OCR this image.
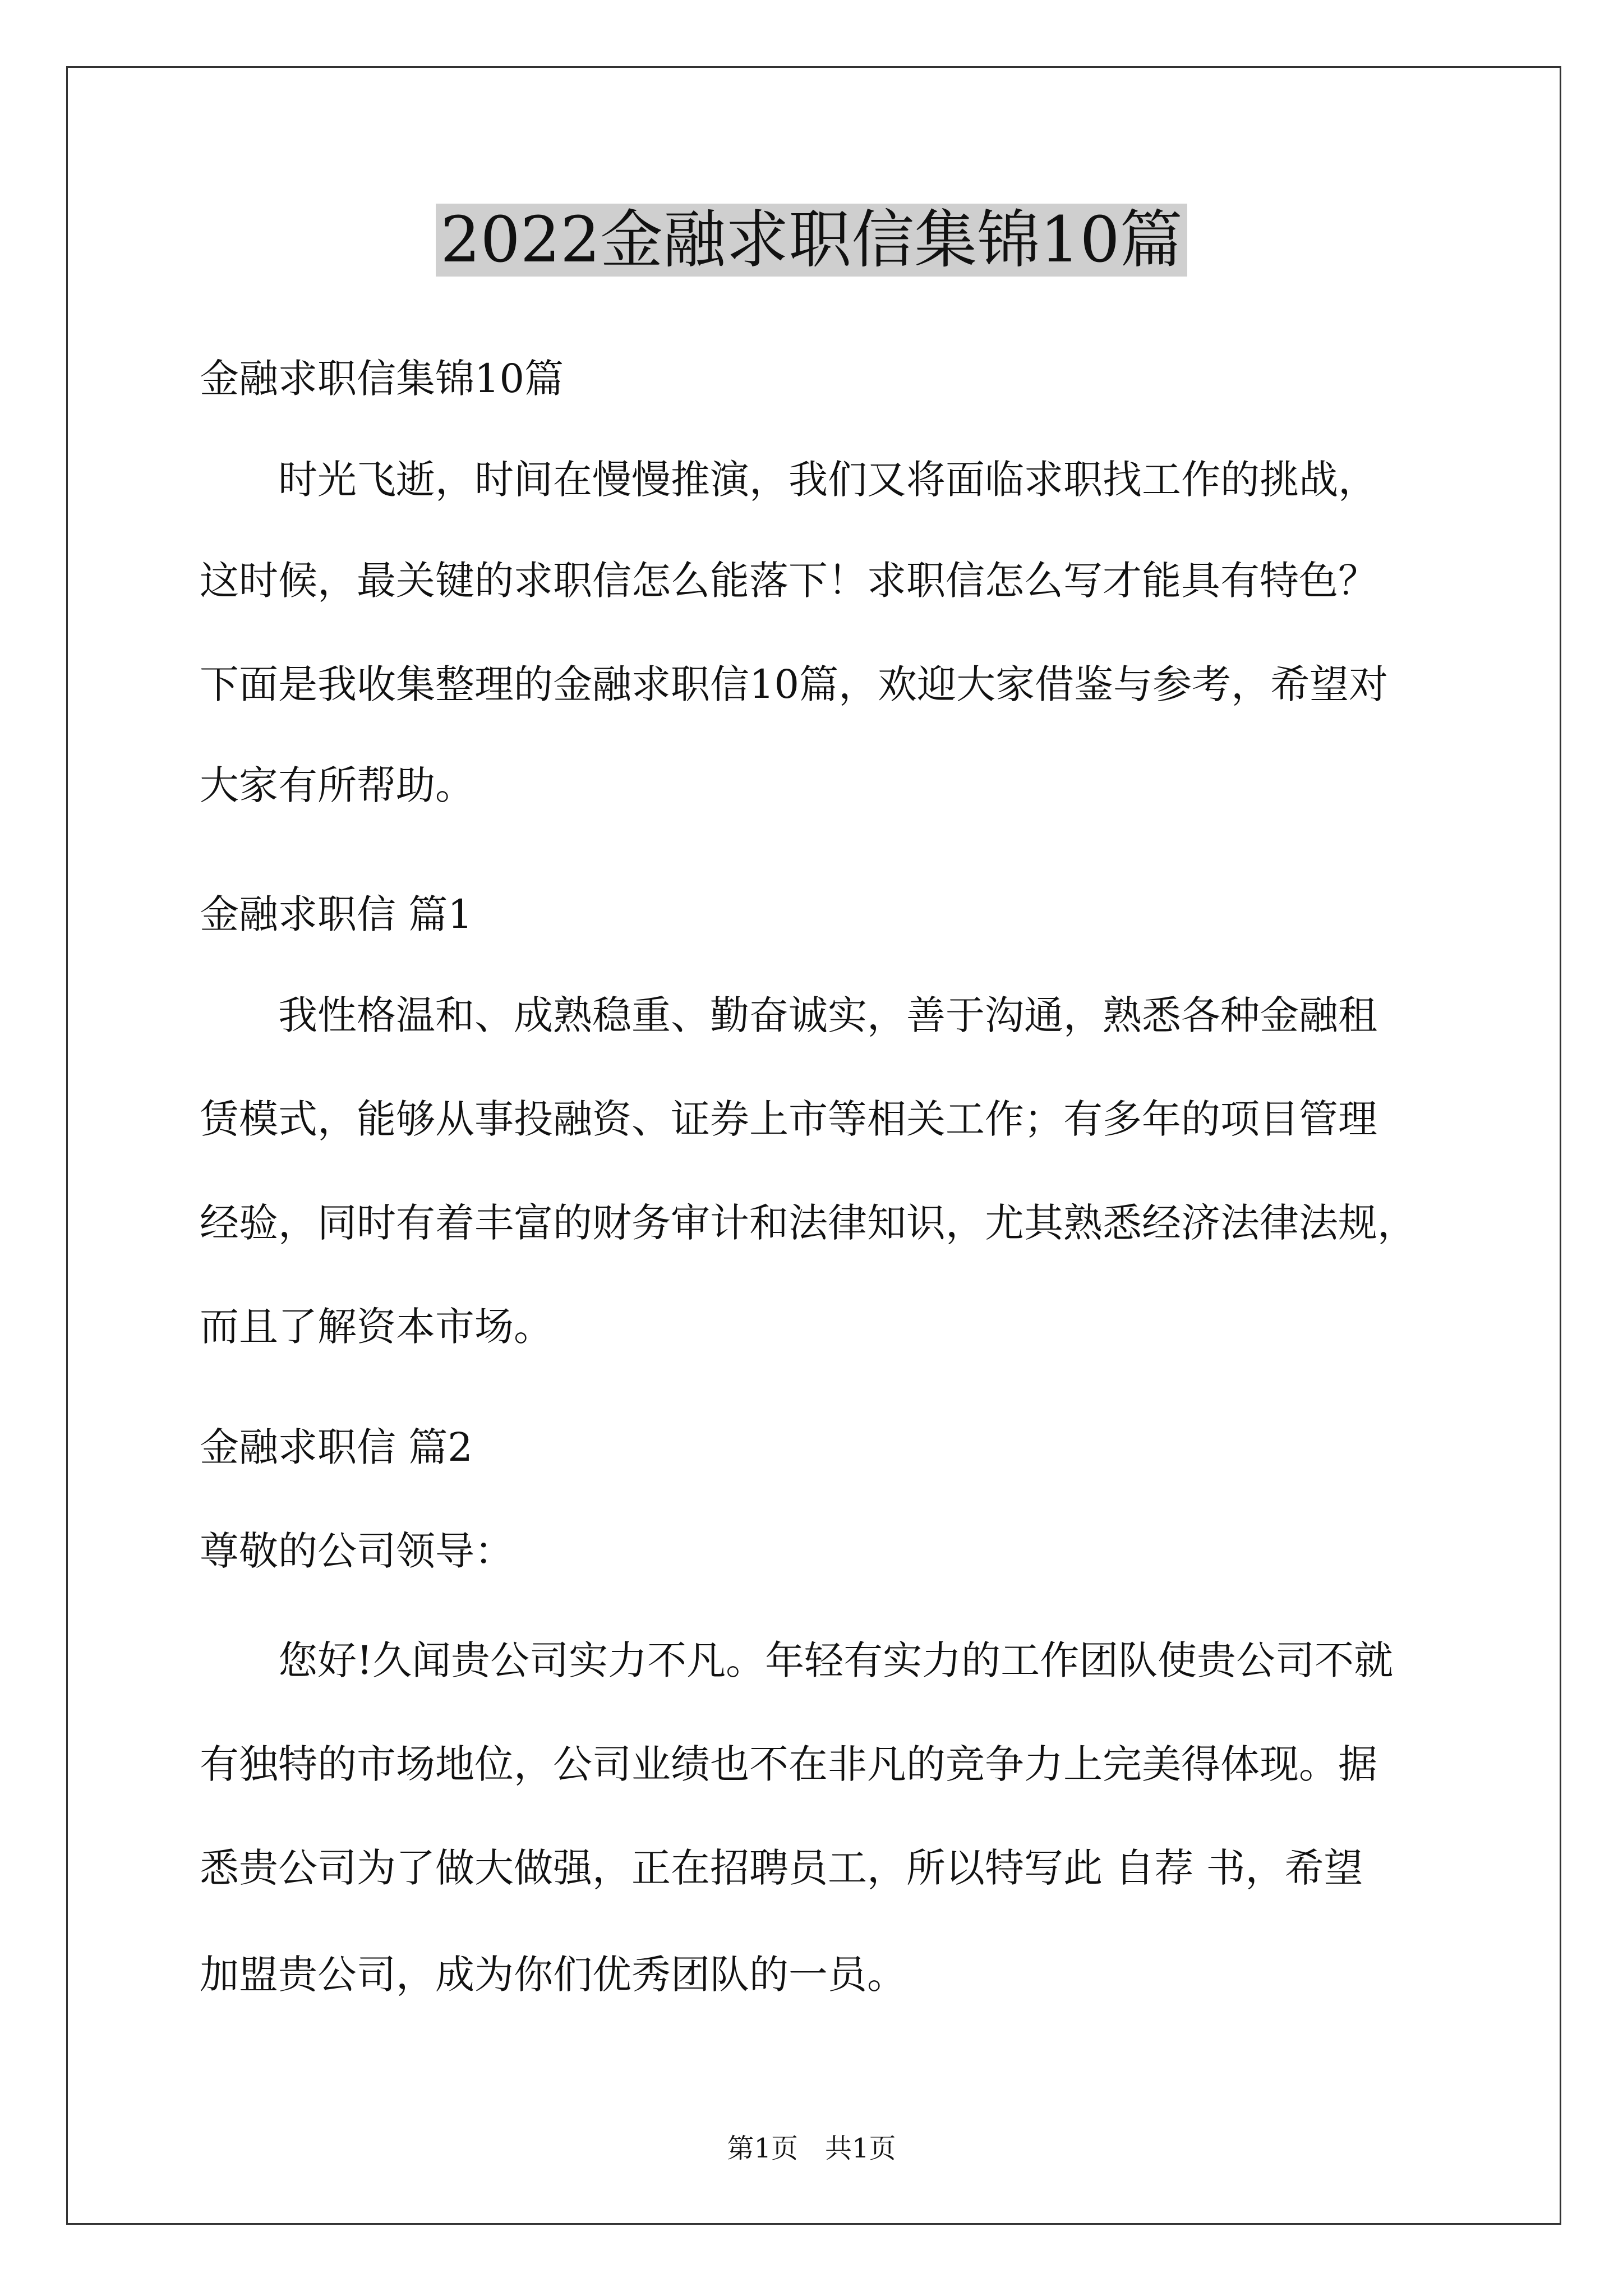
2022金融求职信集锦10篇
金融求职信集锦10篇
　　时光飞逝，时间在慢慢推演，我们又将面临求职找工作的挑战，
这时候，最关键的求职信怎么能落下！求职信怎么写才能具有特色？
下面是我收集整理的金融求职信10篇，欢迎大家借鉴与参考，希望对
大家有所帮助。
金融求职信 篇1
　　我性格温和、成熟稳重、勤奋诚实，善于沟通，熟悉各种金融租
赁模式，能够从事投融资、证券上市等相关工作；有多年的项目管理
经验，同时有着丰富的财务审计和法律知识，尤其熟悉经济法律法规，
而且了解资本市场。
金融求职信 篇2
尊敬的公司领导：
　　您好!久闻贵公司实力不凡。年轻有实力的工作团队使贵公司不就
有独特的市场地位，公司业绩也不在非凡的竞争力上完美得体现。据
悉贵公司为了做大做强，正在招聘员工，所以特写此 自荐 书，希望
加盟贵公司，成为你们优秀团队的一员。
第1页　共1页
